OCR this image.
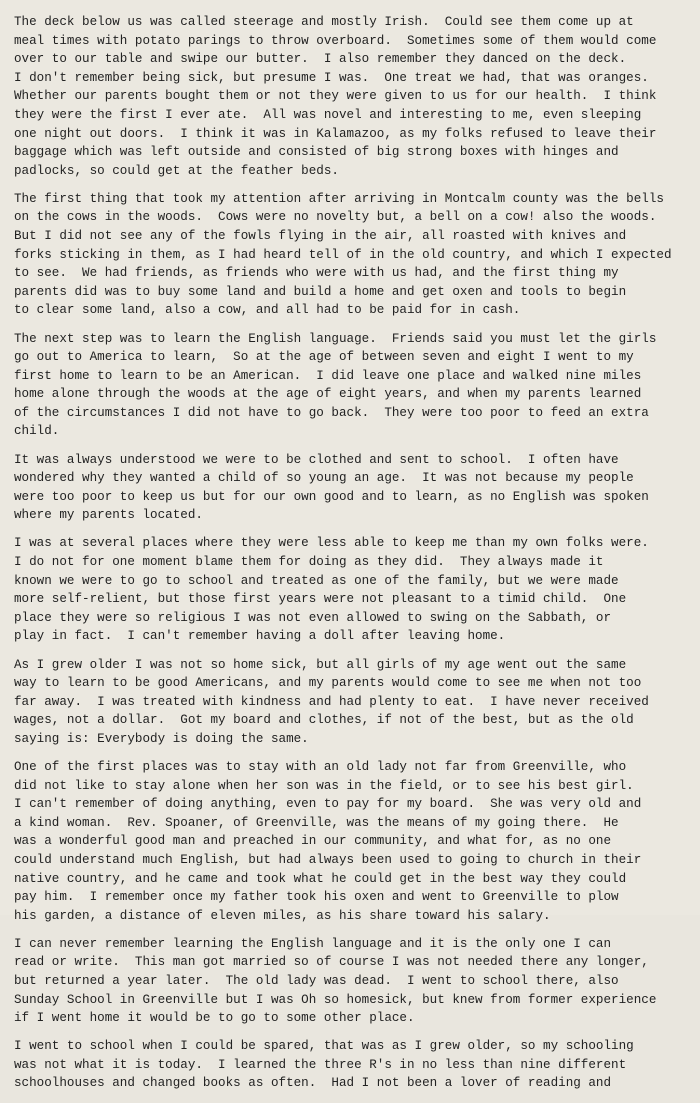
The deck below us was called steerage and mostly Irish.  Could see them come up at
meal times with potato parings to throw overboard.  Sometimes some of them would come
over to our table and swipe our butter.  I also remember they danced on the deck.
I don't remember being sick, but presume I was.  One treat we had, that was oranges.
Whether our parents bought them or not they were given to us for our health.  I think
they were the first I ever ate.  All was novel and interesting to me, even sleeping
one night out doors.  I think it was in Kalamazoo, as my folks refused to leave their
baggage which was left outside and consisted of big strong boxes with hinges and
padlocks, so could get at the feather beds.
The first thing that took my attention after arriving in Montcalm county was the bells
on the cows in the woods.  Cows were no novelty but, a bell on a cow! also the woods.
But I did not see any of the fowls flying in the air, all roasted with knives and
forks sticking in them, as I had heard tell of in the old country, and which I expected
to see.  We had friends, as friends who were with us had, and the first thing my
parents did was to buy some land and build a home and get oxen and tools to begin
to clear some land, also a cow, and all had to be paid for in cash.
The next step was to learn the English language.  Friends said you must let the girls
go out to America to learn,  So at the age of between seven and eight I went to my
first home to learn to be an American.  I did leave one place and walked nine miles
home alone through the woods at the age of eight years, and when my parents learned
of the circumstances I did not have to go back.  They were too poor to feed an extra
child.
It was always understood we were to be clothed and sent to school.  I often have
wondered why they wanted a child of so young an age.  It was not because my people
were too poor to keep us but for our own good and to learn, as no English was spoken
where my parents located.
I was at several places where they were less able to keep me than my own folks were.
I do not for one moment blame them for doing as they did.  They always made it
known we were to go to school and treated as one of the family, but we were made
more self-relient, but those first years were not pleasant to a timid child.  One
place they were so religious I was not even allowed to swing on the Sabbath, or
play in fact.  I can't remember having a doll after leaving home.
As I grew older I was not so home sick, but all girls of my age went out the same
way to learn to be good Americans, and my parents would come to see me when not too
far away.  I was treated with kindness and had plenty to eat.  I have never received
wages, not a dollar.  Got my board and clothes, if not of the best, but as the old
saying is: Everybody is doing the same.
One of the first places was to stay with an old lady not far from Greenville, who
did not like to stay alone when her son was in the field, or to see his best girl.
I can't remember of doing anything, even to pay for my board.  She was very old and
a kind woman.  Rev. Spoaner, of Greenville, was the means of my going there.  He
was a wonderful good man and preached in our community, and what for, as no one
could understand much English, but had always been used to going to church in their
native country, and he came and took what he could get in the best way they could
pay him.  I remember once my father took his oxen and went to Greenville to plow
his garden, a distance of eleven miles, as his share toward his salary.
I can never remember learning the English language and it is the only one I can
read or write.  This man got married so of course I was not needed there any longer,
but returned a year later.  The old lady was dead.  I went to school there, also
Sunday School in Greenville but I was Oh so homesick, but knew from former experience
if I went home it would be to go to some other place.
I went to school when I could be spared, that was as I grew older, so my schooling
was not what it is today.  I learned the three R's in no less than nine different
schoolhouses and changed books as often.  Had I not been a lover of reading and
